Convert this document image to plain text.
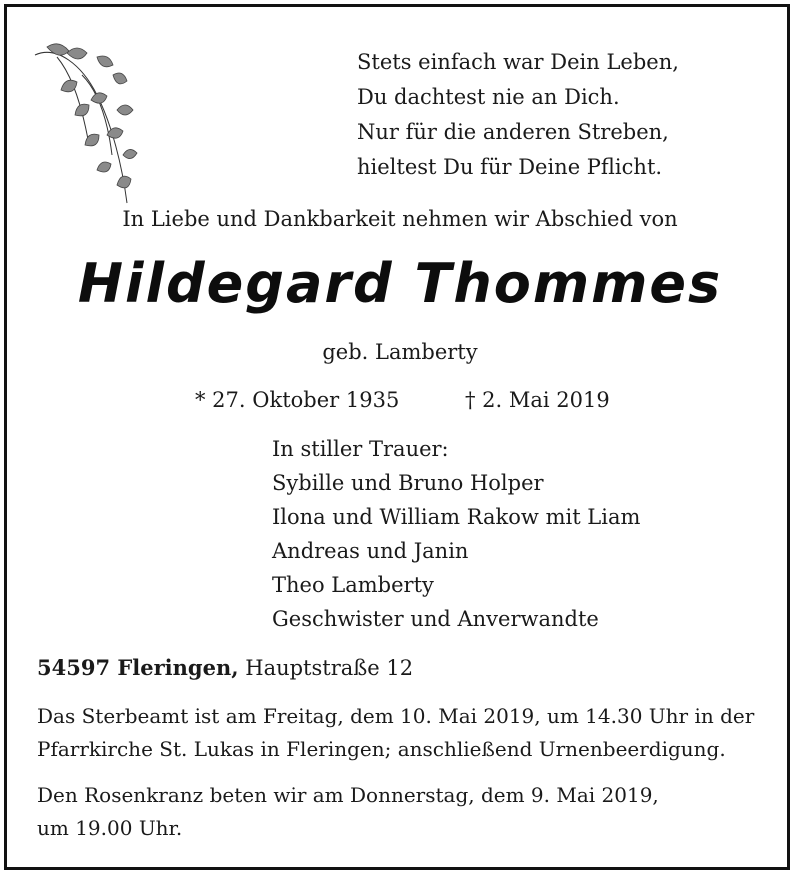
Stets einfach war Dein Leben,
Du dachtest nie an Dich.
Nur für die anderen Streben,
hieltest Du für Deine Pflicht.
In Liebe und Dankbarkeit nehmen wir Abschied von
Hildegard Thommes
geb. Lamberty
* 27. Oktober 1935	† 2. Mai 2019
In stiller Trauer:
Sybille und Bruno Holper
Ilona und William Rakow mit Liam
Andreas und Janin
Theo Lamberty
Geschwister und Anverwandte
54597 Fleringen, Hauptstraße 12
Das Sterbeamt ist am Freitag, dem 10. Mai 2019, um 14.30 Uhr in der
Pfarrkirche St. Lukas in Fleringen; anschließend Urnenbeerdigung.
Den Rosenkranz beten wir am Donnerstag, dem 9. Mai 2019,
um 19.00 Uhr.
